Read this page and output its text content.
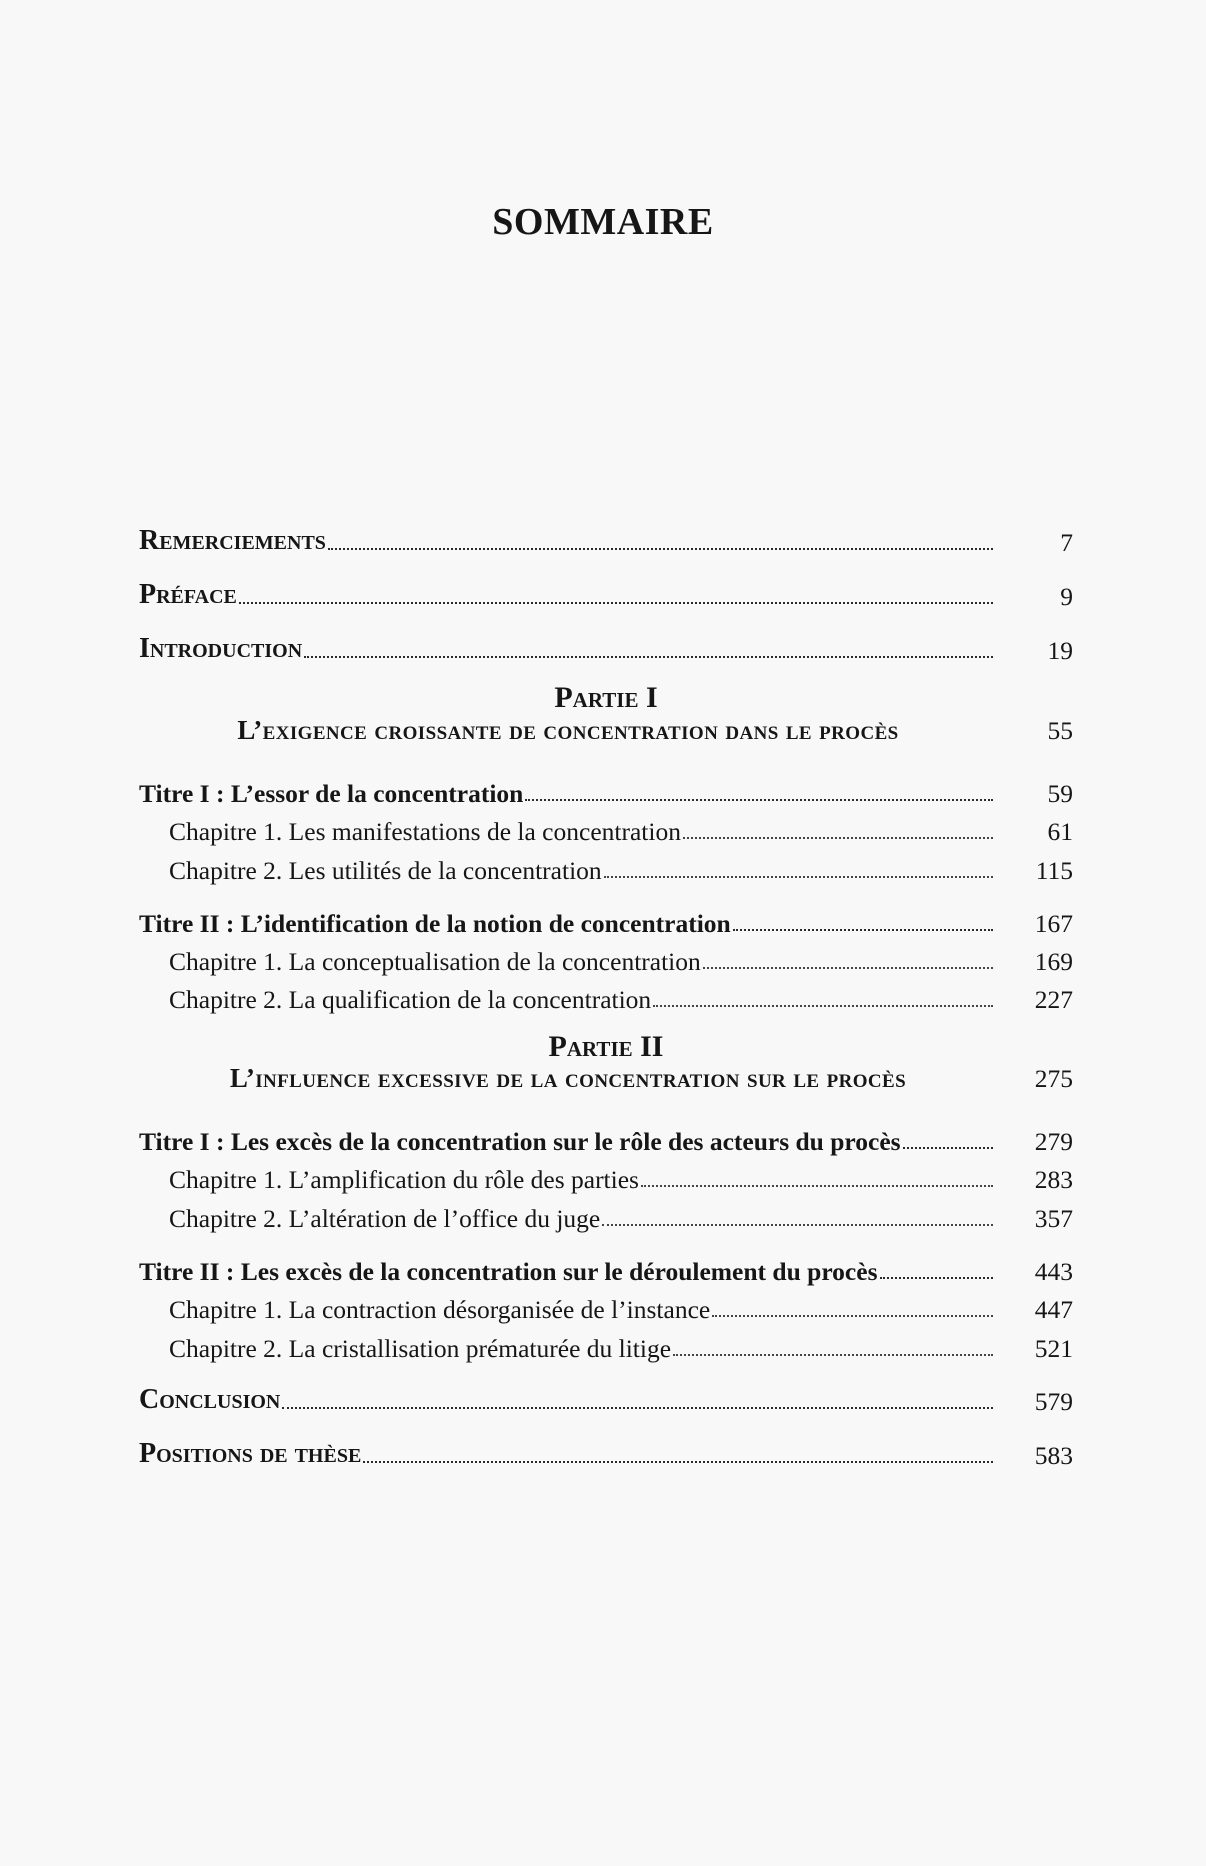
SOMMAIRE
Remerciements	7
Préface	9
Introduction	19
Partie I
L’exigence croissante de concentration dans le procès	55
Titre I : L’essor de la concentration	59
Chapitre 1. Les manifestations de la concentration	61
Chapitre 2. Les utilités de la concentration	115
Titre II : L’identification de la notion de concentration	167
Chapitre 1. La conceptualisation de la concentration	169
Chapitre 2. La qualification de la concentration	227
Partie II
L’influence excessive de la concentration sur le procès	275
Titre I : Les excès de la concentration sur le rôle des acteurs du procès	279
Chapitre 1. L’amplification du rôle des parties	283
Chapitre 2. L’altération de l’office du juge	357
Titre II : Les excès de la concentration sur le déroulement du procès	443
Chapitre 1. La contraction désorganisée de l’instance	447
Chapitre 2. La cristallisation prématurée du litige	521
Conclusion	579
Positions de thèse	583
